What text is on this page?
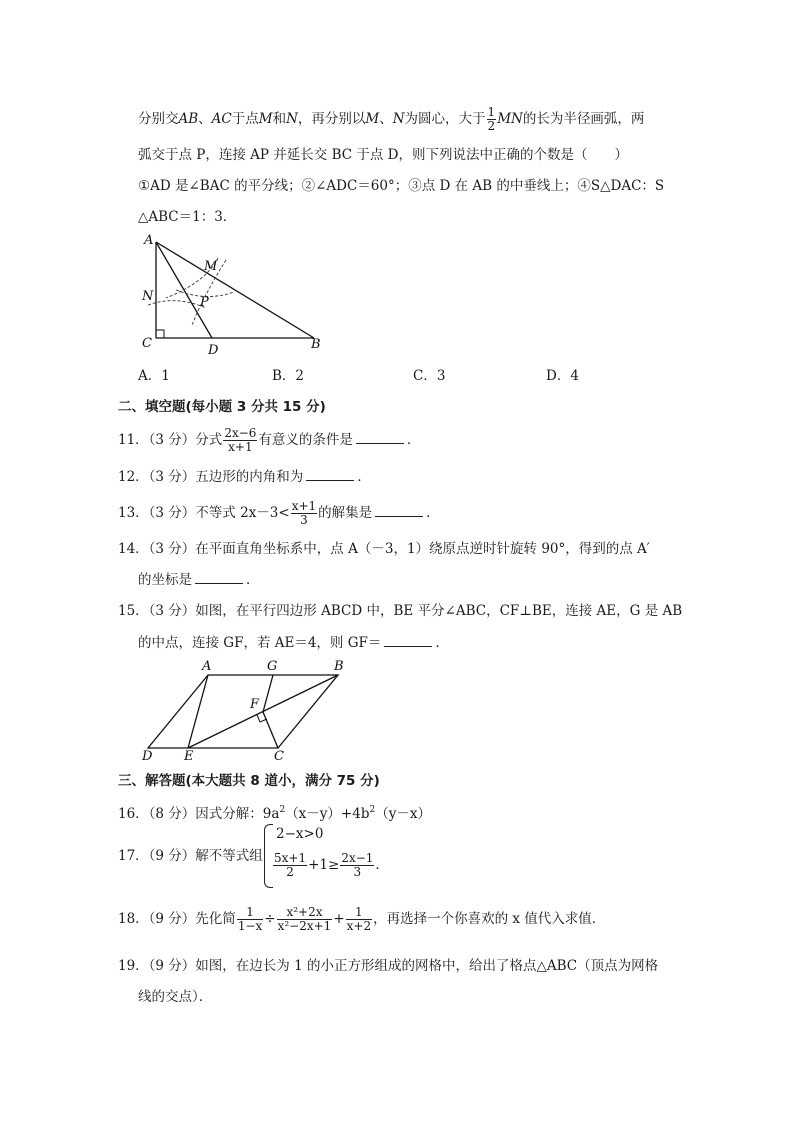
分别交AB、AC于点M和N，再分别以M、N为圆心，大于 $\frac{1}{2}$ MN的长为半径画弧，两
弧交于点 P，连接 AP 并延长交 BC 于点 D，则下列说法中正确的个数是（　　）
①AD 是∠BAC 的平分线；②∠ADC＝60°；③点 D 在 AB 的中垂线上；④S△DAC：S
△ABC＝1：3．
A
M
N	P
C	D	B
A．1	B．2	C．3	D．4
二、填空题(每小题 3 分共 15 分)
11．（3 分）分式 $\frac{2x-6}{x+1}$ 有意义的条件是	．
12．（3 分）五边形的内角和为	．
13．（3 分）不等式 $2x-3< \frac{x+1}{3}$ 的解集是	．
14．（3 分）在平面直角坐标系中，点 A（－3，1）绕原点逆时针旋转 90°，得到的点 A′
的坐标是	．
15．（3 分）如图，在平行四边形 ABCD 中，BE 平分∠ABC，CF⊥BE，连接 AE，G 是 AB
的中点，连接 GF，若 AE＝4，则 GF＝	．
A	G	B
F
D E	C
三、解答题(本大题共 8 道小，满分 75 分)
16．（8 分）因式分解：$9a^2(x-y)+4b^2(y-x)$
17．（9 分）解不等式组
2−x>0
$\frac{5x+1}{2} +1\ge \frac{2x-1}{3}$ ．
18．（9 分）先化简 $\frac{1}{1-x} \div \frac{\text{x²+2x}}{\text{x²−2x+1}} + \frac{1}{x+2}$ ，再选择一个你喜欢的 x 值代入求值．
19．（9 分）如图，在边长为 1 的小正方形组成的网格中，给出了格点△ABC（顶点为网格
线的交点）．
